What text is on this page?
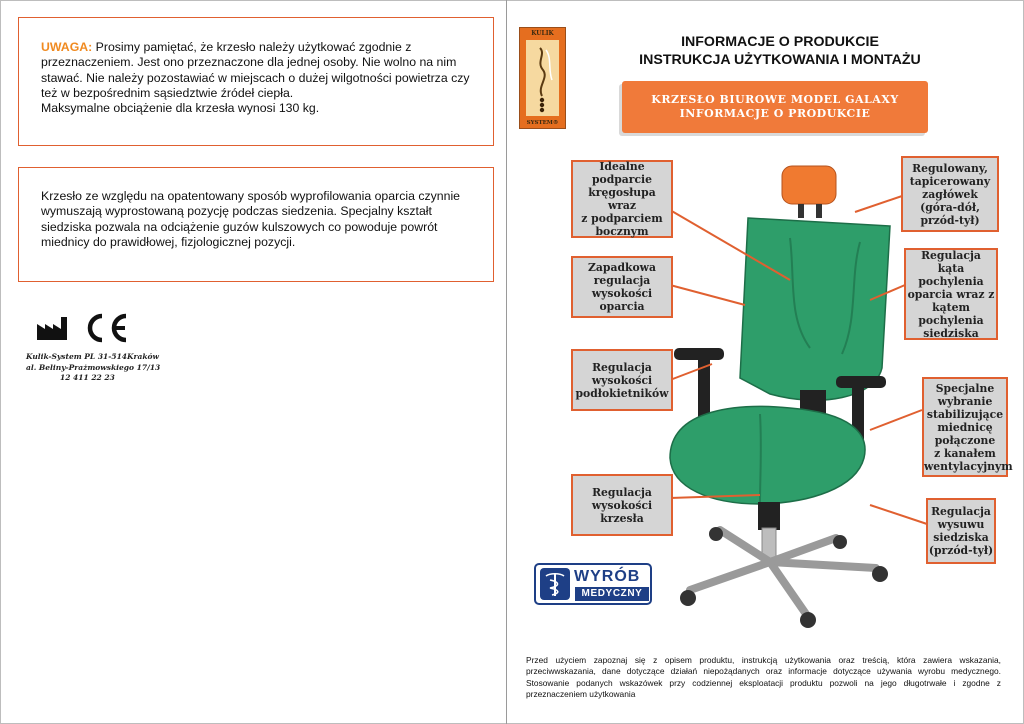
UWAGA: Prosimy pamiętać, że krzesło należy użytkować zgodnie z

przeznaczeniem. Jest ono przeznaczone dla jednej osoby. Nie wolno na nim

stawać. Nie należy pozostawiać w miejscach o dużej wilgotności powietrza czy

też w bezpośrednim sąsiedztwie źródeł ciepła.

Maksymalne obciążenie dla krzesła wynosi 130 kg.

Krzesło ze względu na opatentowany sposób wyprofilowania oparcia czynnie

wymuszają wyprostowaną pozycję podczas siedzenia. Specjalny kształt

siedziska pozwala na odciążenie guzów kulszowych co powoduje powrót

miednicy do prawidłowej, fizjologicznej pozycji.

Kulik-System PL 31-514Kraków
al. Beliny-Prażmowskiego 17/13
12 411 22 23
KULIK
SYSTEM®
INFORMACJE O PRODUKCIE
INSTRUKCJA UŻYTKOWANIA I MONTAŻU
KRZESŁO BIUROWE MODEL GALAXY
INFORMACJE O PRODUKCIE
Idealne
podparcie
kręgosłupa wraz
z podparciem
bocznym
Zapadkowa
regulacja
wysokości
oparcia
Regulacja
wysokości
podłokietników
Regulacja
wysokości
krzesła
Regulowany,
tapicerowany
zagłówek
(góra-dół,
przód-tył)
Regulacja kąta
pochylenia
oparcia wraz z
kątem
pochylenia
siedziska
Specjalne
wybranie
stabilizujące
miednicę
połączone
z kanałem
wentylacyjnym
Regulacja
wysuwu
siedziska
(przód-tył)
WYRÓB
MEDYCZNY
Przed użyciem zapoznaj się z opisem produktu, instrukcją użytkowania oraz treścią, która zawiera wskazania, przeciwwskazania, dane dotyczące działań niepożądanych oraz informacje dotyczące używania wyrobu medycznego. Stosowanie podanych wskazówek przy codziennej eksploatacji produktu pozwoli na jego długotrwałe i zgodne z przeznaczeniem użytkowania
